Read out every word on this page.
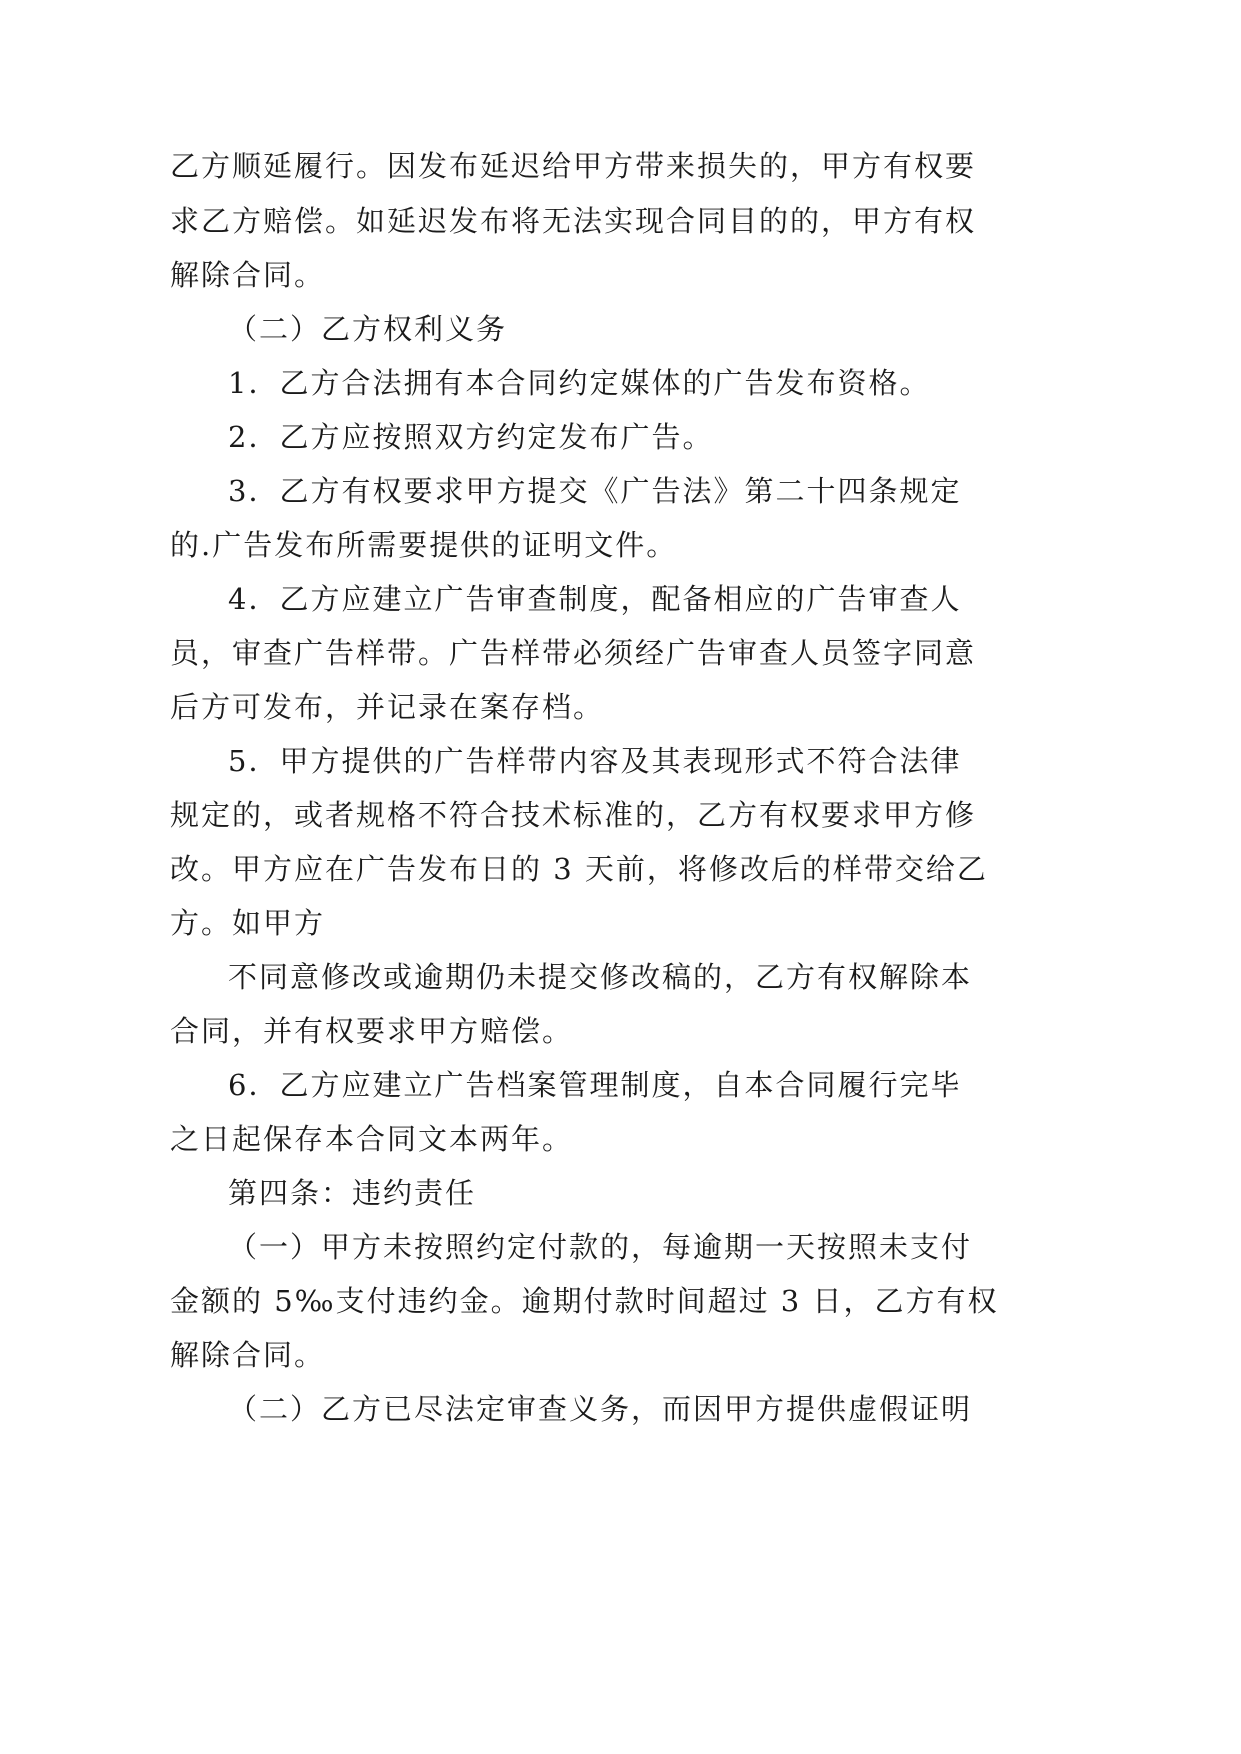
乙方顺延履行。因发布延迟给甲方带来损失的，甲方有权要
求乙方赔偿。如延迟发布将无法实现合同目的的，甲方有权
解除合同。
（二）乙方权利义务
1．乙方合法拥有本合同约定媒体的广告发布资格。
2．乙方应按照双方约定发布广告。
3．乙方有权要求甲方提交《广告法》第二十四条规定
的.广告发布所需要提供的证明文件。
4．乙方应建立广告审查制度，配备相应的广告审查人
员，审查广告样带。广告样带必须经广告审查人员签字同意
后方可发布，并记录在案存档。
5．甲方提供的广告样带内容及其表现形式不符合法律
规定的，或者规格不符合技术标准的，乙方有权要求甲方修
改。甲方应在广告发布日的 3 天前，将修改后的样带交给乙
方。如甲方
不同意修改或逾期仍未提交修改稿的，乙方有权解除本
合同，并有权要求甲方赔偿。
6．乙方应建立广告档案管理制度，自本合同履行完毕
之日起保存本合同文本两年。
第四条：违约责任
（一）甲方未按照约定付款的，每逾期一天按照未支付
金额的 5‰支付违约金。逾期付款时间超过 3 日，乙方有权
解除合同。
（二）乙方已尽法定审查义务，而因甲方提供虚假证明
